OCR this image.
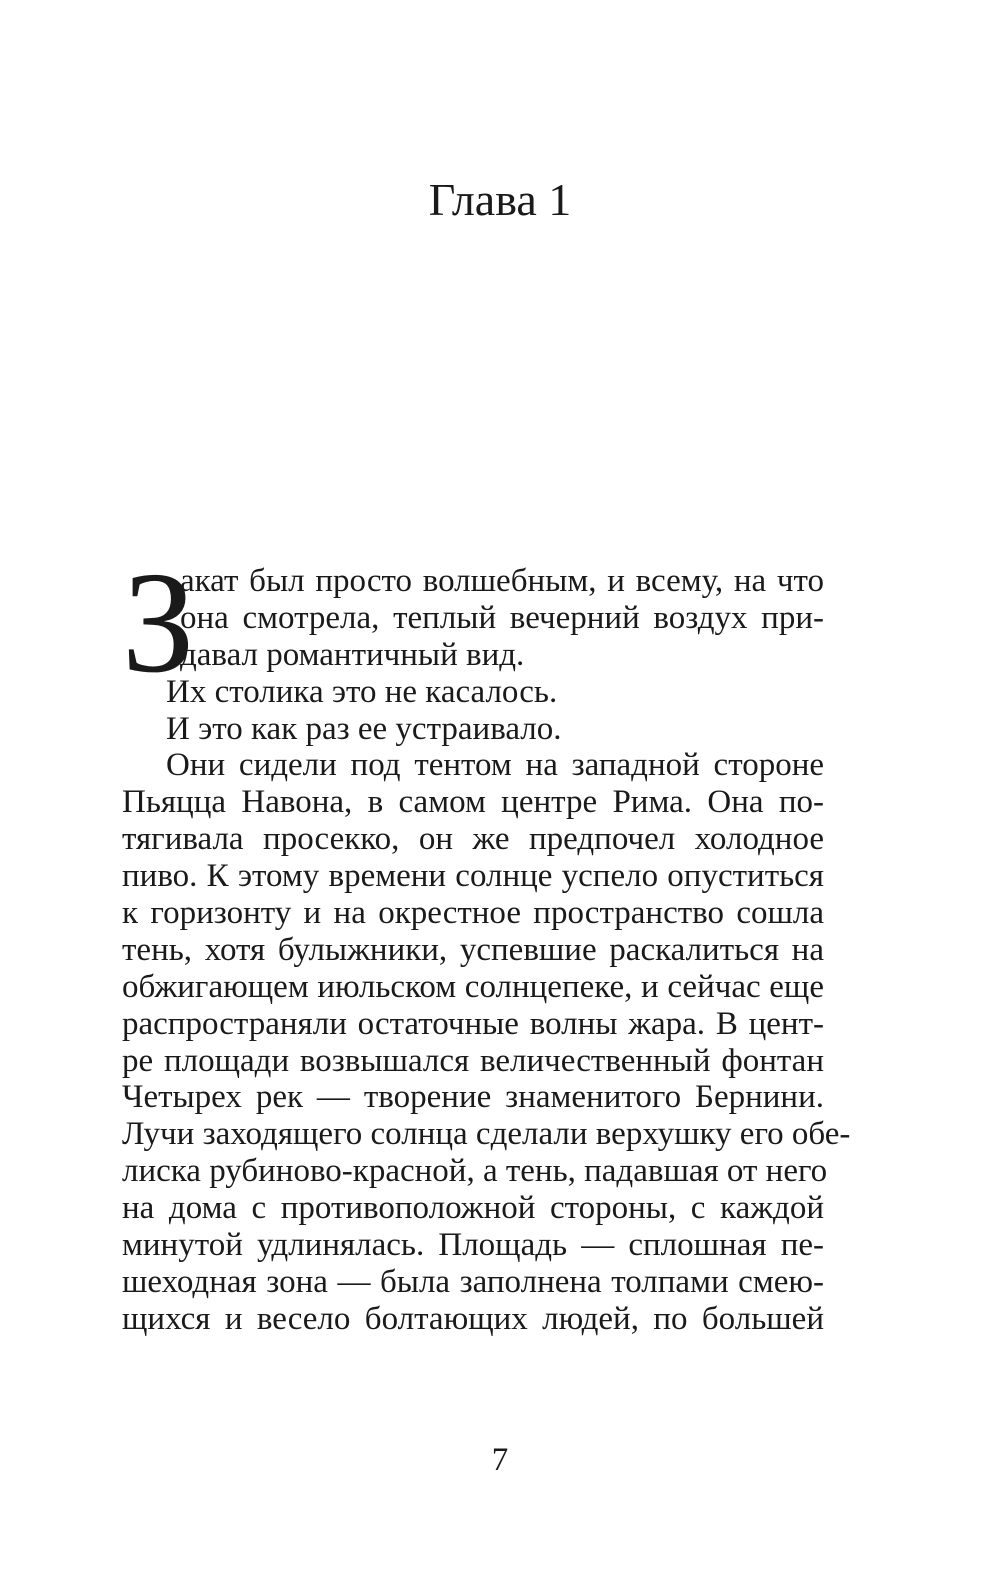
Глава 1
З
акат был просто волшебным, и всему, на что
она смотрела, теплый вечерний воздух при-
давал романтичный вид.
Их столика это не касалось.
И это как раз ее устраивало.
Они сидели под тентом на западной стороне
Пьяцца Навона, в самом центре Рима. Она по-
тягивала просекко, он же предпочел холодное
пиво. К этому времени солнце успело опуститься
к горизонту и на окрестное пространство сошла
тень, хотя булыжники, успевшие раскалиться на
обжигающем июльском солнцепеке, и сейчас еще
распространяли остаточные волны жара. В цент-
ре площади возвышался величественный фонтан
Четырех рек — творение знаменитого Бернини.
Лучи заходящего солнца сделали верхушку его обе-
лиска рубиново-красной, а тень, падавшая от него
на дома с противоположной стороны, с каждой
минутой удлинялась. Площадь — сплошная пе-
шеходная зона — была заполнена толпами смею-
щихся и весело болтающих людей, по большей
7
